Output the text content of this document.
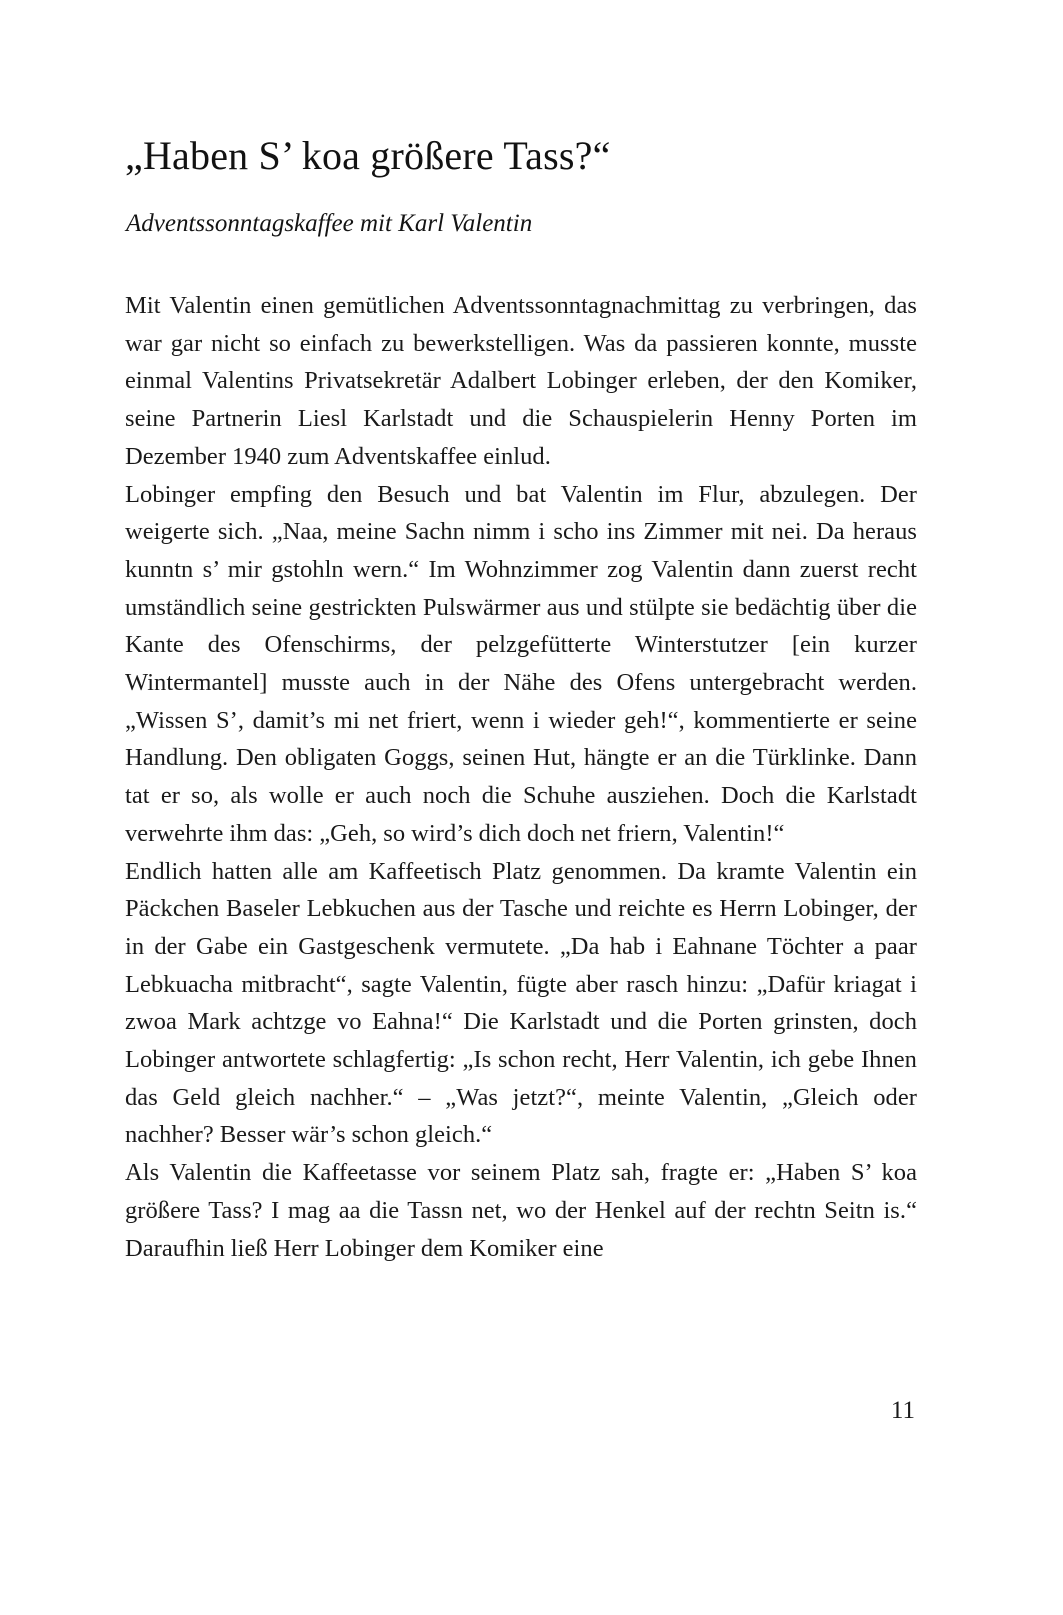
„Haben S’ koa größere Tass?“
Adventssonntagskaffee mit Karl Valentin

Mit Valentin einen gemütlichen Adventssonntagnachmittag zu verbringen, das war gar nicht so einfach zu bewerkstelligen. Was da passieren konnte, musste einmal Valentins Privatsekretär Adalbert Lobinger erleben, der den Komiker, seine Partnerin Liesl Karlstadt und die Schauspielerin Henny Porten im Dezember 1940 zum Adventskaffee einlud.

Lobinger empfing den Besuch und bat Valentin im Flur, abzulegen. Der weigerte sich. „Naa, meine Sachn nimm i scho ins Zimmer mit nei. Da heraus kunntn s’ mir gstohln wern.“ Im Wohnzimmer zog Valentin dann zuerst recht umständlich seine gestrickten Pulswärmer aus und stülpte sie bedächtig über die Kante des Ofenschirms, der pelzgefütterte Winterstutzer [ein kurzer Wintermantel] musste auch in der Nähe des Ofens untergebracht werden. „Wissen S’, damit’s mi net friert, wenn i wieder geh!“, kommentierte er seine Handlung. Den obligaten Goggs, seinen Hut, hängte er an die Türklinke. Dann tat er so, als wolle er auch noch die Schuhe ausziehen. Doch die Karlstadt verwehrte ihm das: „Geh, so wird’s dich doch net friern, Valentin!“

Endlich hatten alle am Kaffeetisch Platz genommen. Da kramte Valentin ein Päckchen Baseler Lebkuchen aus der Tasche und reichte es Herrn Lobinger, der in der Gabe ein Gastgeschenk vermutete. „Da hab i Eahnane Töchter a paar Lebkuacha mitbracht“, sagte Valentin, fügte aber rasch hinzu: „Dafür kriagat i zwoa Mark achtzge vo Eahna!“ Die Karlstadt und die Porten grinsten, doch Lobinger antwortete schlagfertig: „Is schon recht, Herr Valentin, ich gebe Ihnen das Geld gleich nachher.“ – „Was jetzt?“, meinte Valentin, „Gleich oder nachher? Besser wär’s schon gleich.“

Als Valentin die Kaffeetasse vor seinem Platz sah, fragte er: „Haben S’ koa größere Tass? I mag aa die Tassn net, wo der Henkel auf der rechtn Seitn is.“ Daraufhin ließ Herr Lobinger dem Komiker eine

11
